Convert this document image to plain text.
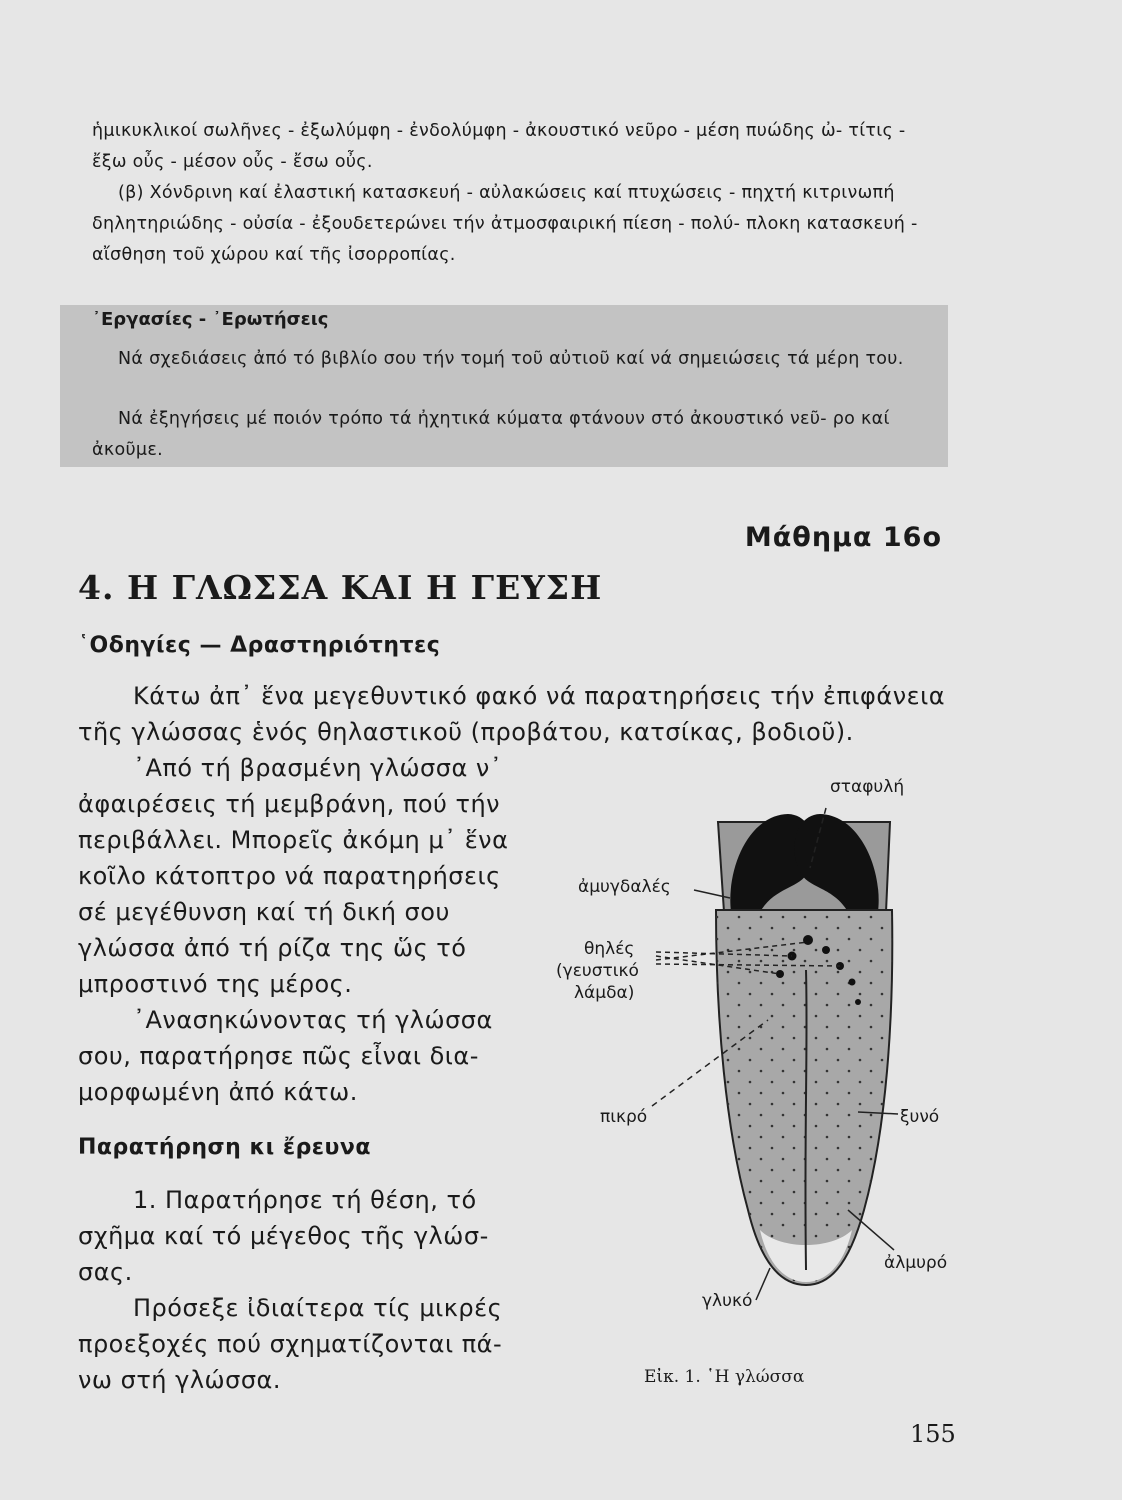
ἡμικυκλικοί σωλῆνες - ἐξωλύμφη - ἐνδολύμφη - ἀκουστικό νεῦρο - μέση πυώδης ὠ- τίτις - ἔξω οὖς - μέσον οὖς - ἔσω οὖς.

(β) Χόνδρινη καί ἐλαστική κατασκευή - αὐλακώσεις καί πτυχώσεις - πηχτή κιτρινωπή δηλητηριώδης - οὐσία - ἐξουδετερώνει τήν ἀτμοσφαιρική πίεση - πολύ- πλοκη κατασκευή - αἴσθηση τοῦ χώρου καί τῆς ἰσορροπίας.

᾿Εργασίες - ᾿Ερωτήσεις

Νά σχεδιάσεις ἀπό τό βιβλίο σου τήν τομή τοῦ αὐτιοῦ καί νά σημειώσεις τά μέρη του.

Νά ἐξηγήσεις μέ ποιόν τρόπο τά ἠχητικά κύματα φτάνουν στό ἀκουστικό νεῦ- ρο καί ἀκοῦμε.

Μάθημα 16ο
4. Η ΓΛΩΣΣΑ ΚΑΙ Η ΓΕΥΣΗ
῾Οδηγίες — Δραστηριότητες

Κάτω ἀπ᾿ ἕνα μεγεθυντικό φακό νά παρατηρήσεις τήν ἐπιφάνεια τῆς γλώσσας ἑνός θηλαστικοῦ (προβάτου, κατσίκας, βοδιοῦ).

᾿Από τή βρασμένη γλώσσα ν᾿ ἀφαιρέσεις τή μεμβράνη, πού τήν περιβάλλει. Μπορεῖς ἀκόμη μ᾿ ἕνα κοῖλο κάτοπτρο νά παρατηρήσεις σέ μεγέθυνση καί τή δική σου γλώσσα ἀπό τή ρίζα της ὥς τό μπροστινό της μέρος.

᾿Ανασηκώνοντας τή γλώσσα σου, παρατήρησε πῶς εἶναι δια- μορφωμένη ἀπό κάτω.

Παρατήρηση κι ἔρευνα

1. Παρατήρησε τή θέση, τό σχῆμα καί τό μέγεθος τῆς γλώσ- σας.

Πρόσεξε ἰδιαίτερα τίς μικρές προεξοχές πού σχηματίζονται πά- νω στή γλώσσα.

σταφυλή
ἀμυγδαλές
θηλές
(γευστικό
λάμδα)
πικρό	ξυνό
ἀλμυρό
γλυκό
Εἰκ. 1. ῾Η γλώσσα
155
